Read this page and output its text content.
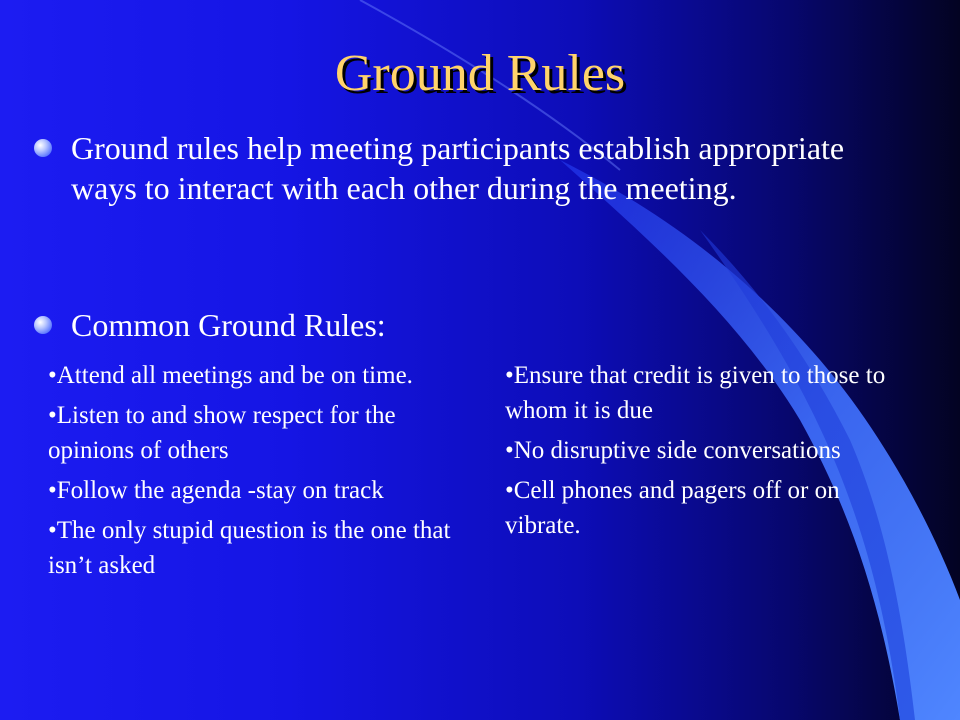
Ground Rules
Ground rules help meeting participants establish appropriate ways to interact with each other during the meeting.
Common Ground Rules:
•Attend all meetings and be on time.
•Listen to and show respect for the opinions of others
•Follow the agenda -stay on track
•The only stupid question is the one that isn’t asked
•Ensure that credit is given to those to whom it is due
•No disruptive side conversations
•Cell phones and pagers off or on vibrate.
